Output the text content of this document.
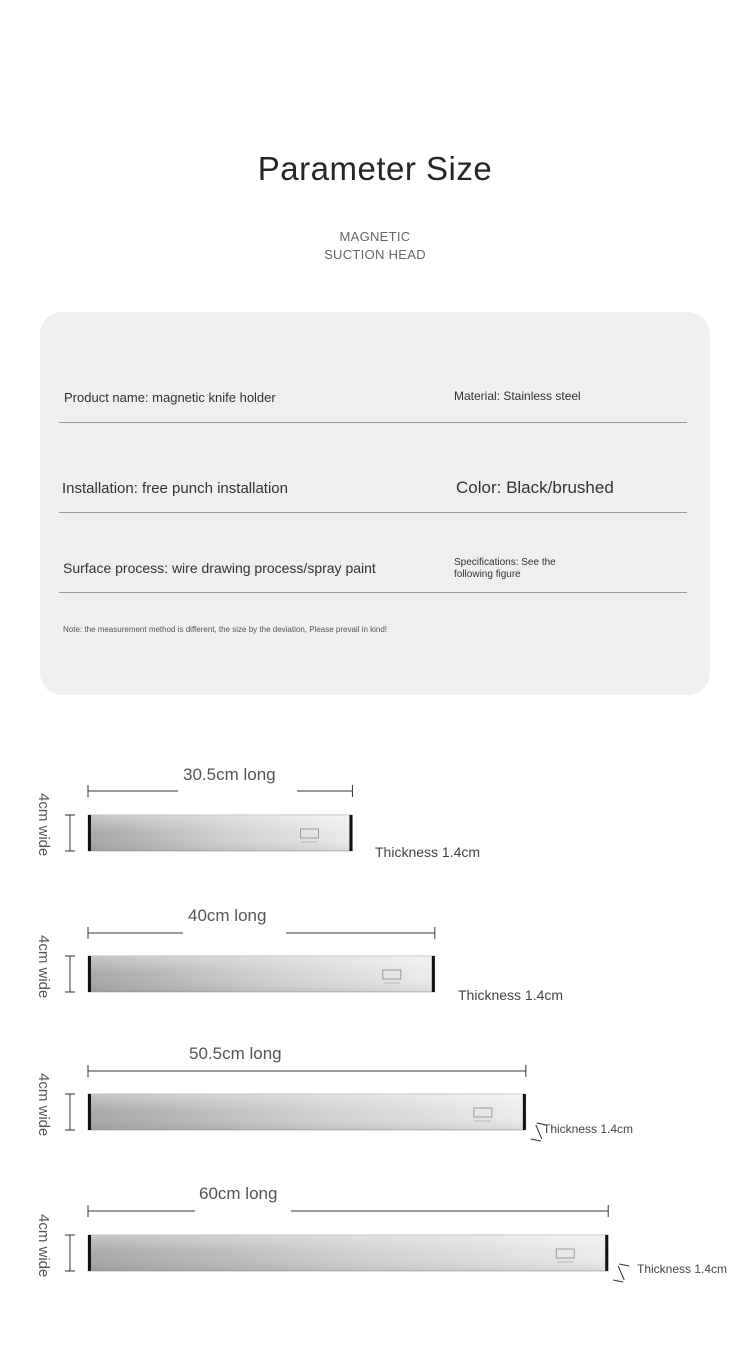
Parameter Size
MAGNETIC
SUCTION HEAD
Product name: magnetic knife holder	Material: Stainless steel
Installation: free punch installation	Color: Black/brushed
Surface process: wire drawing process/spray paint	Specifications: See the
following figure
Note: the measurement method is different, the size by the deviation, Please prevail in kind!
30.5cm long
40cm long
50.5cm long
60cm long
4cm wide
4cm wide
4cm wide
4cm wide
Thickness 1.4cm
Thickness 1.4cm
Thickness 1.4cm
Thickness 1.4cm
